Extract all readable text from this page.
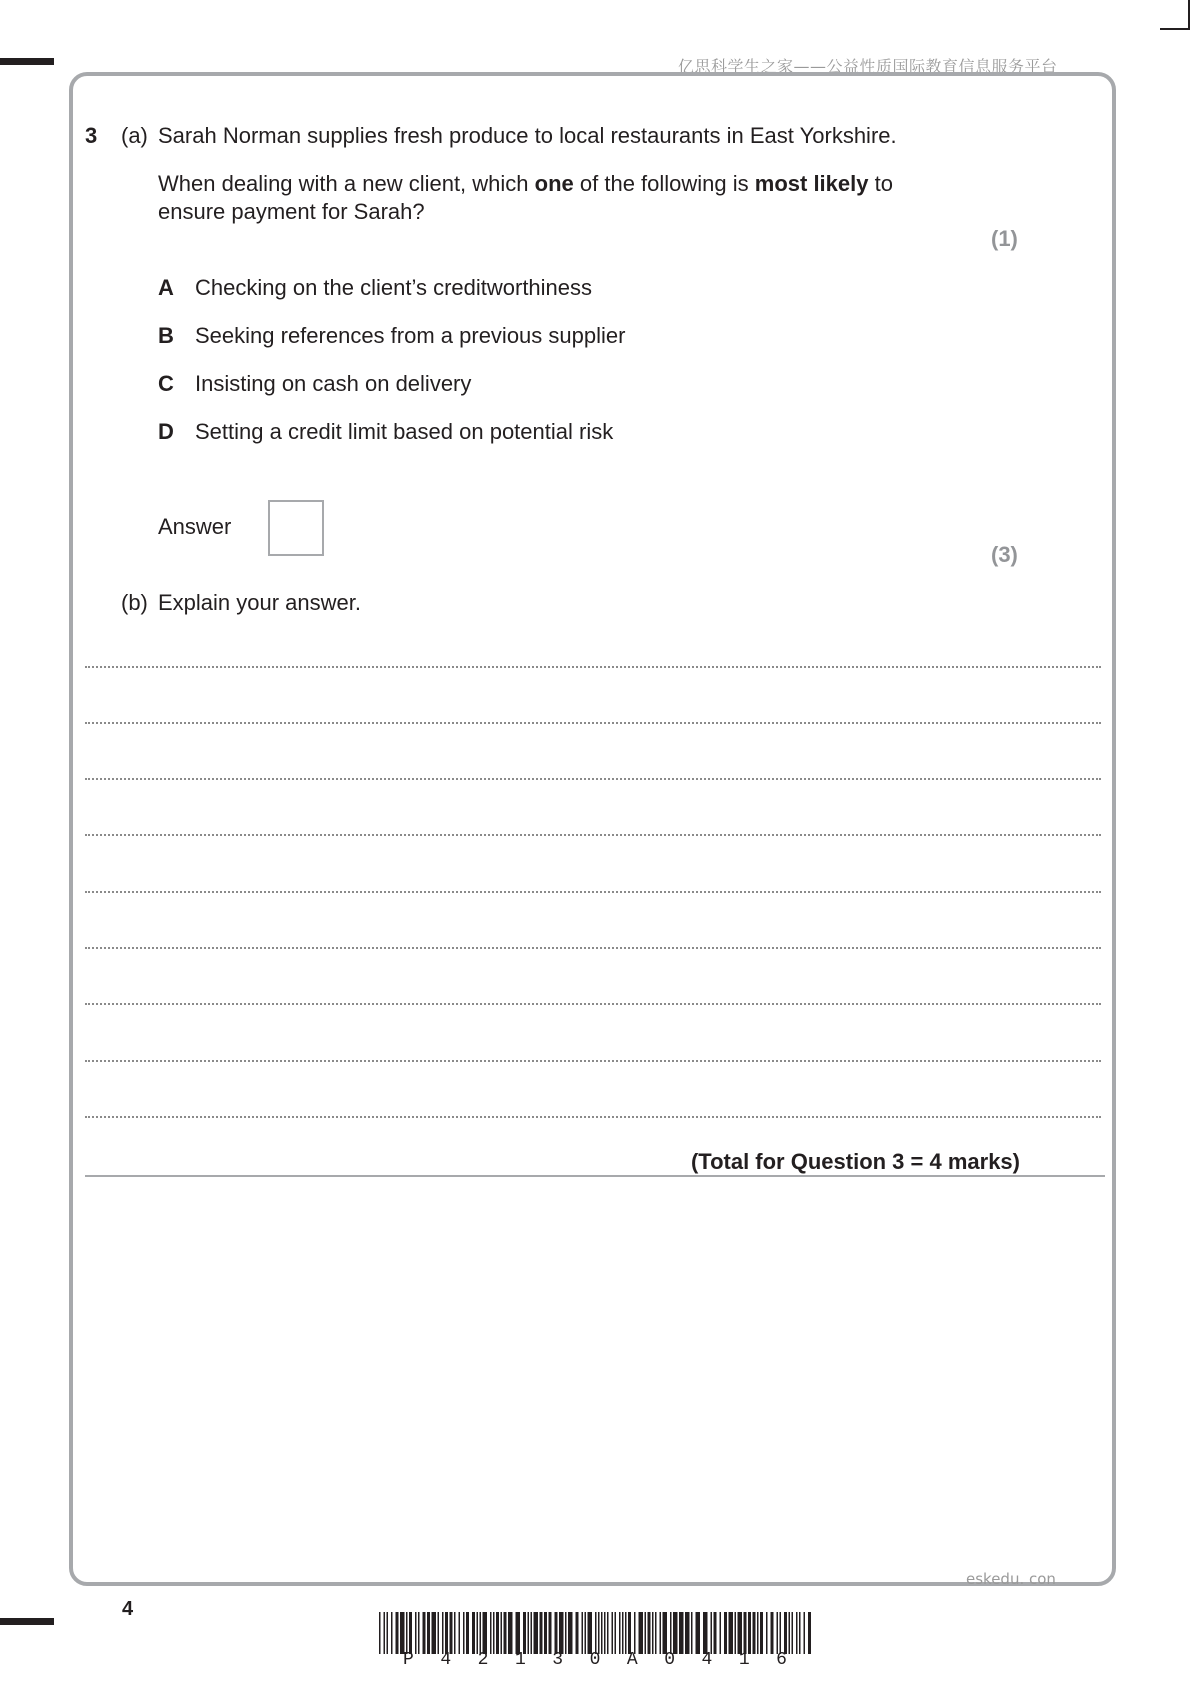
亿思科学生之家——公益性质国际教育信息服务平台
3 (a) Sarah Norman supplies fresh produce to local restaurants in East Yorkshire.
When dealing with a new client, which one of the following is most likely to
ensure payment for Sarah?
(1)
A Checking on the client’s creditworthiness
B Seeking references from a previous supplier
C Insisting on cash on delivery
D Setting a credit limit based on potential risk
Answer
(3)
(b) Explain your answer.
(Total for Question 3 = 4 marks)
eskedu. con
4
P 4 2 1 3 0 A 0 4 1 6
